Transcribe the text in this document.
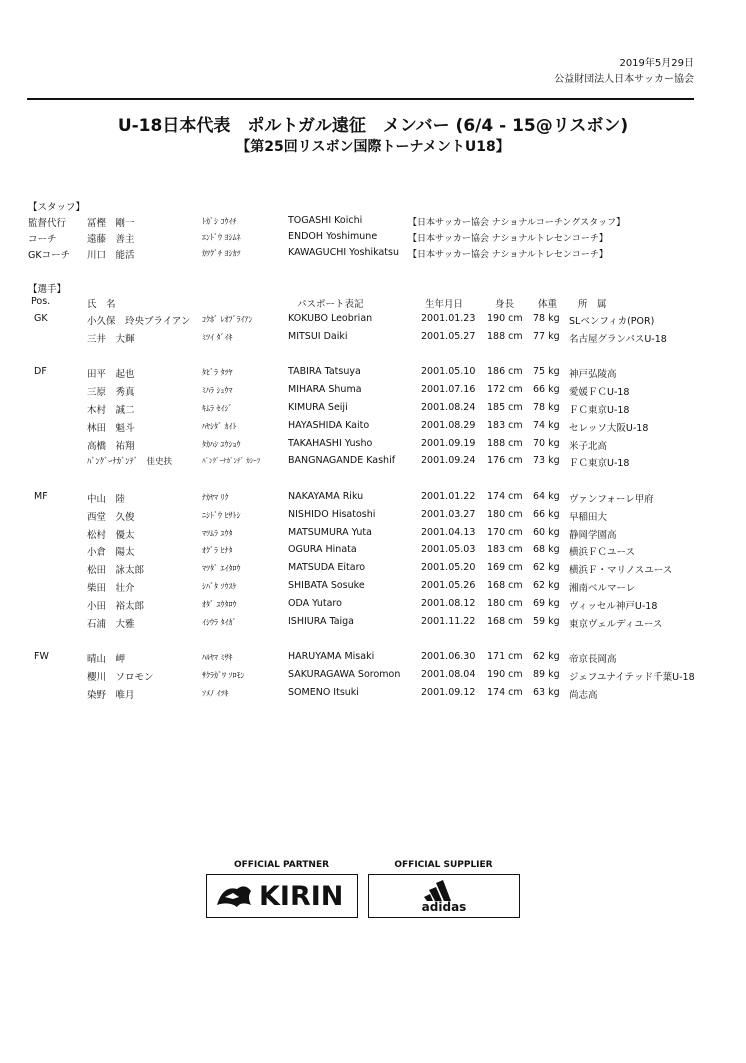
2019年5月29日
公益財団法人日本サッカー協会
U-18日本代表　ポルトガル遠征　メンバー (6/4 - 15@リスボン)
【第25回リスボン国際トーナメントU18】
【スタッフ】
監督代行 冨樫　剛一	ﾄｶﾞｼ ｺｳｲﾁ	TOGASHI Koichi	【日本サッカー協会 ナショナルコーチングスタッフ】
コーチ	遠藤　善主	ｴﾝﾄﾞｳ ﾖｼﾑﾈ	ENDOH Yoshimune	【日本サッカー協会 ナショナルトレセンコーチ】
GKコーチ 川口　能活	ｶﾜｸﾞﾁ ﾖｼｶﾂ	KAWAGUCHI Yoshikatsu 【日本サッカー協会 ナショナルトレセンコーチ】
【選手】
Pos.	氏　名	パスポート表記	生年月日	身長	体重 所　属
GK	小久保　玲央ブライアン ｺｸﾎﾞ ﾚｵﾌﾞﾗｲｱﾝ	KOKUBO Leobrian	2001.01.23 190 cm 78 kg SLベンフィカ(POR)
三井　大輝	ﾐﾂｲ ﾀﾞｲｷ	MITSUI Daiki	2001.05.27 188 cm 77 kg 名古屋グランパスU-18
DF	田平　起也	ﾀﾋﾞﾗ ﾀﾂﾔ	TABIRA Tatsuya	2001.05.10 186 cm 75 kg 神戸弘陵高
三原　秀真	ﾐﾊﾗ ｼｭｳﾏ	MIHARA Shuma	2001.07.16 172 cm 66 kg 愛媛ＦＣU-18
木村　誠二	ｷﾑﾗ ｾｲｼﾞ	KIMURA Seiji	2001.08.24 185 cm 78 kg ＦＣ東京U-18
林田　魁斗	ﾊﾔｼﾀﾞ ｶｲﾄ	HAYASHIDA Kaito	2001.08.29 183 cm 74 kg セレッソ大阪U-18
高橋　祐翔	ﾀｶﾊｼ ﾕｳｼｮｳ	TAKAHASHI Yusho	2001.09.19 188 cm 70 kg 米子北高
ﾊﾞﾝｸﾞｰﾅｶﾞﾝﾃﾞ　佳史扶	ﾊﾞﾝｸﾞｰﾅｶﾞﾝﾃﾞ ｶｼｰﾌ	BANGNAGANDE Kashif	2001.09.24 176 cm 73 kg ＦＣ東京U-18
MF	中山　陸	ﾅｶﾔﾏ ﾘｸ	NAKAYAMA Riku	2001.01.22 174 cm 64 kg ヴァンフォーレ甲府
西堂　久俊	ﾆｼﾄﾞｳ ﾋｻﾄｼ	NISHIDO Hisatoshi	2001.03.27 180 cm 66 kg 早稲田大
松村　優太	ﾏﾂﾑﾗ ﾕｳﾀ	MATSUMURA Yuta	2001.04.13 170 cm 60 kg 静岡学園高
小倉　陽太	ｵｸﾞﾗ ﾋﾅﾀ	OGURA Hinata	2001.05.03 183 cm 68 kg 横浜ＦＣユース
松田　詠太郎	ﾏﾂﾀﾞ ｴｲﾀﾛｳ	MATSUDA Eitaro	2001.05.20 169 cm 62 kg 横浜Ｆ・マリノスユース
柴田　壮介	ｼﾊﾞﾀ ｿｳｽｹ	SHIBATA Sosuke	2001.05.26 168 cm 62 kg 湘南ベルマーレ
小田　裕太郎	ｵﾀﾞ ﾕｳﾀﾛｳ	ODA Yutaro	2001.08.12 180 cm 69 kg ヴィッセル神戸U-18
石浦　大雅	ｲｼｳﾗ ﾀｲｶﾞ	ISHIURA Taiga	2001.11.22 168 cm 59 kg 東京ヴェルディユース
FW	晴山　岬	ﾊﾙﾔﾏ ﾐｻｷ	HARUYAMA Misaki	2001.06.30 171 cm 62 kg 帝京長岡高
櫻川　ソロモン	ｻｸﾗｶﾞﾜ ｿﾛﾓﾝ	SAKURAGAWA Soromon 2001.08.04 190 cm 89 kg ジェフユナイテッド千葉U-18
染野　唯月	ｿﾒﾉ ｲﾂｷ	SOMENO Itsuki	2001.09.12 174 cm 63 kg 尚志高
OFFICIAL PARTNER	OFFICIAL SUPPLIER
KIRIN	adidas
